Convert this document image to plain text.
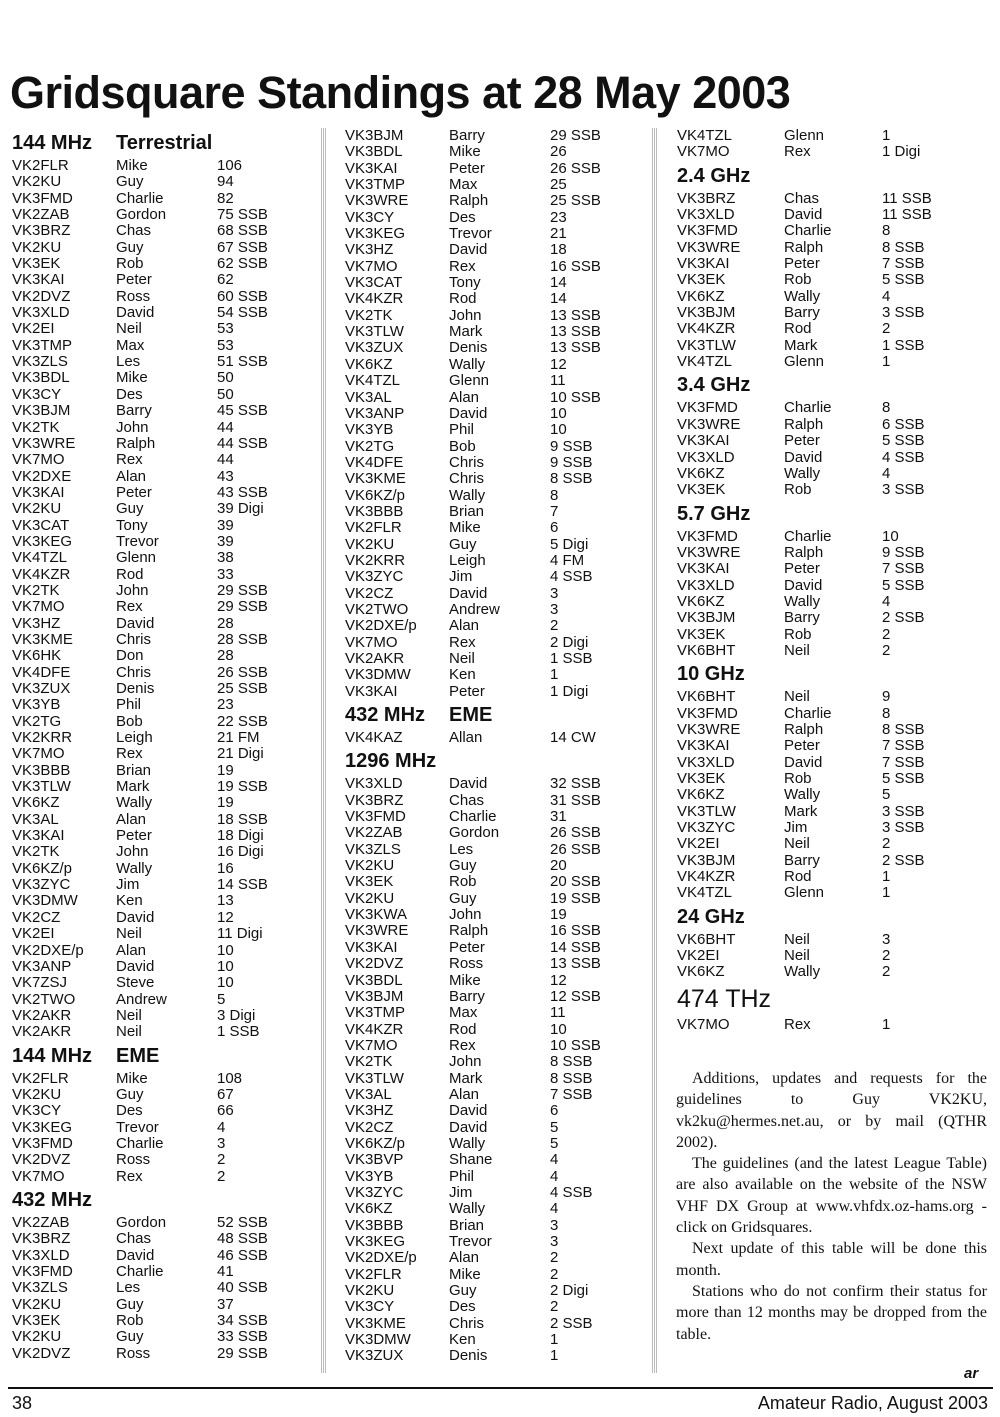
Gridsquare Standings at 28 May 2003
144 MHz Terrestrial
VK2FLR	Mike	106
VK2KU	Guy	94
VK3FMD	Charlie	82
VK2ZAB	Gordon	75 SSB
VK3BRZ	Chas	68 SSB
VK2KU	Guy	67 SSB
VK3EK	Rob	62 SSB
VK3KAI	Peter	62
VK2DVZ	Ross	60 SSB
VK3XLD	David	54 SSB
VK2EI	Neil	53
VK3TMP	Max	53
VK3ZLS	Les	51 SSB
VK3BDL	Mike	50
VK3CY	Des	50
VK3BJM	Barry	45 SSB
VK2TK	John	44
VK3WRE	Ralph	44 SSB
VK7MO	Rex	44
VK2DXE	Alan	43
VK3KAI	Peter	43 SSB
VK2KU	Guy	39 Digi
VK3CAT	Tony	39
VK3KEG	Trevor	39
VK4TZL	Glenn	38
VK4KZR	Rod	33
VK2TK	John	29 SSB
VK7MO	Rex	29 SSB
VK3HZ	David	28
VK3KME	Chris	28 SSB
VK6HK	Don	28
VK4DFE	Chris	26 SSB
VK3ZUX	Denis	25 SSB
VK3YB	Phil	23
VK2TG	Bob	22 SSB
VK2KRR	Leigh	21 FM
VK7MO	Rex	21 Digi
VK3BBB	Brian	19
VK3TLW	Mark	19 SSB
VK6KZ	Wally	19
VK3AL	Alan	18 SSB
VK3KAI	Peter	18 Digi
VK2TK	John	16 Digi
VK6KZ/p	Wally	16
VK3ZYC	Jim	14 SSB
VK3DMW	Ken	13
VK2CZ	David	12
VK2EI	Neil	11 Digi
VK2DXE/p Alan	10
VK3ANP	David	10
VK7ZSJ	Steve	10
VK2TWO	Andrew	5
VK2AKR	Neil	3 Digi
VK2AKR	Neil	1 SSB
144 MHz EME
VK2FLR	Mike	108
VK2KU	Guy	67
VK3CY	Des	66
VK3KEG	Trevor	4
VK3FMD	Charlie	3
VK2DVZ	Ross	2
VK7MO	Rex	2
432 MHz
VK2ZAB	Gordon	52 SSB
VK3BRZ	Chas	48 SSB
VK3XLD	David	46 SSB
VK3FMD	Charlie	41
VK3ZLS	Les	40 SSB
VK2KU	Guy	37
VK3EK	Rob	34 SSB
VK2KU	Guy	33 SSB
VK2DVZ	Ross	29 SSB
VK3BJM	Barry	29 SSB
VK3BDL	Mike	26
VK3KAI	Peter	26 SSB
VK3TMP	Max	25
VK3WRE	Ralph	25 SSB
VK3CY	Des	23
VK3KEG	Trevor	21
VK3HZ	David	18
VK7MO	Rex	16 SSB
VK3CAT	Tony	14
VK4KZR	Rod	14
VK2TK	John	13 SSB
VK3TLW	Mark	13 SSB
VK3ZUX	Denis	13 SSB
VK6KZ	Wally	12
VK4TZL	Glenn	11
VK3AL	Alan	10 SSB
VK3ANP	David	10
VK3YB	Phil	10
VK2TG	Bob	9 SSB
VK4DFE	Chris	9 SSB
VK3KME	Chris	8 SSB
VK6KZ/p	Wally	8
VK3BBB	Brian	7
VK2FLR	Mike	6
VK2KU	Guy	5 Digi
VK2KRR	Leigh	4 FM
VK3ZYC	Jim	4 SSB
VK2CZ	David	3
VK2TWO	Andrew	3
VK2DXE/p Alan	2
VK7MO	Rex	2 Digi
VK2AKR	Neil	1 SSB
VK3DMW	Ken	1
VK3KAI	Peter	1 Digi
432 MHz EME
VK4KAZ	Allan	14 CW
1296 MHz
VK3XLD	David	32 SSB
VK3BRZ	Chas	31 SSB
VK3FMD	Charlie	31
VK2ZAB	Gordon	26 SSB
VK3ZLS	Les	26 SSB
VK2KU	Guy	20
VK3EK	Rob	20 SSB
VK2KU	Guy	19 SSB
VK3KWA	John	19
VK3WRE	Ralph	16 SSB
VK3KAI	Peter	14 SSB
VK2DVZ	Ross	13 SSB
VK3BDL	Mike	12
VK3BJM	Barry	12 SSB
VK3TMP	Max	11
VK4KZR	Rod	10
VK7MO	Rex	10 SSB
VK2TK	John	8 SSB
VK3TLW	Mark	8 SSB
VK3AL	Alan	7 SSB
VK3HZ	David	6
VK2CZ	David	5
VK6KZ/p	Wally	5
VK3BVP	Shane	4
VK3YB	Phil	4
VK3ZYC	Jim	4 SSB
VK6KZ	Wally	4
VK3BBB	Brian	3
VK3KEG	Trevor	3
VK2DXE/p Alan	2
VK2FLR	Mike	2
VK2KU	Guy	2 Digi
VK3CY	Des	2
VK3KME	Chris	2 SSB
VK3DMW	Ken	1
VK3ZUX	Denis	1
VK4TZL	Glenn	1
VK7MO	Rex	1 Digi
2.4 GHz
VK3BRZ	Chas	11 SSB
VK3XLD	David	11 SSB
VK3FMD	Charlie	8
VK3WRE	Ralph	8 SSB
VK3KAI	Peter	7 SSB
VK3EK	Rob	5 SSB
VK6KZ	Wally	4
VK3BJM	Barry	3 SSB
VK4KZR	Rod	2
VK3TLW	Mark	1 SSB
VK4TZL	Glenn	1
3.4 GHz
VK3FMD	Charlie	8
VK3WRE	Ralph	6 SSB
VK3KAI	Peter	5 SSB
VK3XLD	David	4 SSB
VK6KZ	Wally	4
VK3EK	Rob	3 SSB
5.7 GHz
VK3FMD	Charlie	10
VK3WRE	Ralph	9 SSB
VK3KAI	Peter	7 SSB
VK3XLD	David	5 SSB
VK6KZ	Wally	4
VK3BJM	Barry	2 SSB
VK3EK	Rob	2
VK6BHT	Neil	2
10 GHz
VK6BHT	Neil	9
VK3FMD	Charlie	8
VK3WRE	Ralph	8 SSB
VK3KAI	Peter	7 SSB
VK3XLD	David	7 SSB
VK3EK	Rob	5 SSB
VK6KZ	Wally	5
VK3TLW	Mark	3 SSB
VK3ZYC	Jim	3 SSB
VK2EI	Neil	2
VK3BJM	Barry	2 SSB
VK4KZR	Rod	1
VK4TZL	Glenn	1
24 GHz
VK6BHT	Neil	3
VK2EI	Neil	2
VK6KZ	Wally	2
474 THz
VK7MO	Rex	1

Additions, updates and requests for the guidelines to Guy VK2KU, vk2ku@hermes.net.au, or by mail (QTHR 2002).

The guidelines (and the latest League Table) are also available on the website of the NSW VHF DX Group at www.vhfdx.oz-hams.org - click on Gridsquares.

Next update of this table will be done this month.

Stations who do not confirm their status for more than 12 months may be dropped from the table.

ar
38	Amateur Radio, August 2003
